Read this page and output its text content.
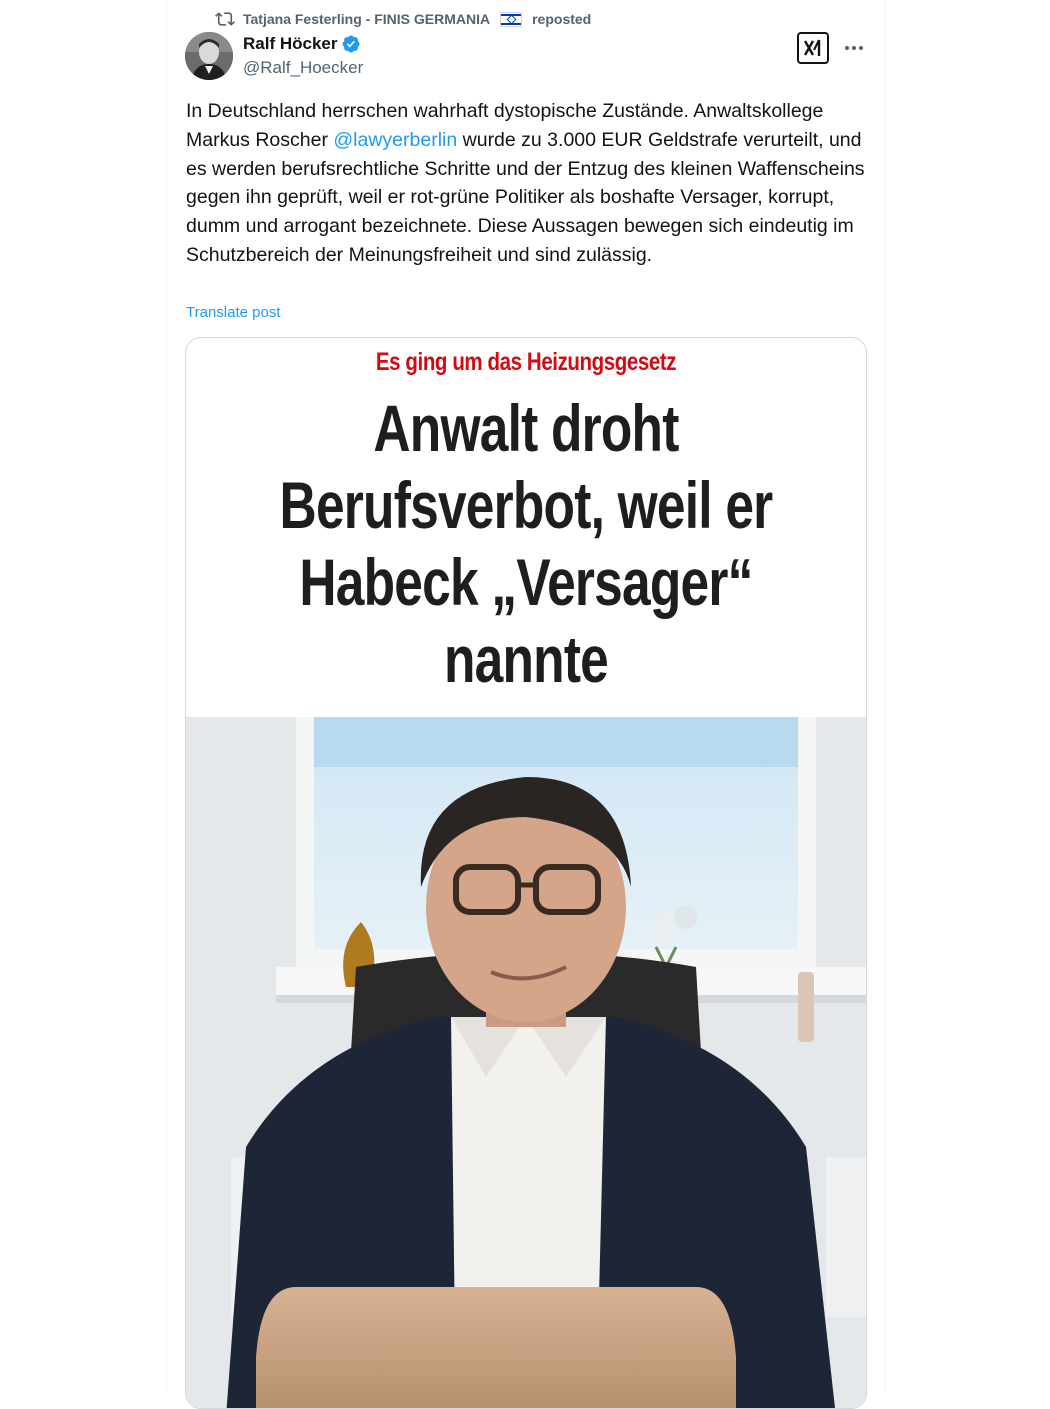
Tatjana Festerling - FINIS GERMANIA	reposted
Ralf Höcker
@Ralf_Hoecker
In Deutschland herrschen wahrhaft dystopische Zustände. Anwaltskollege Markus Roscher @lawyerberlin wurde zu 3.000 EUR Geldstrafe verurteilt, und es werden berufsrechtliche Schritte und der Entzug des kleinen Waffenscheins gegen ihn geprüft, weil er rot-grüne Politiker als boshafte Versager, korrupt, dumm und arrogant bezeichnete. Diese Aussagen bewegen sich eindeutig im Schutzbereich der Meinungsfreiheit und sind zulässig.
Translate post
Es ging um das Heizungsgesetz
Anwalt droht
Berufsverbot, weil er
Habeck „Versager“
nannte
